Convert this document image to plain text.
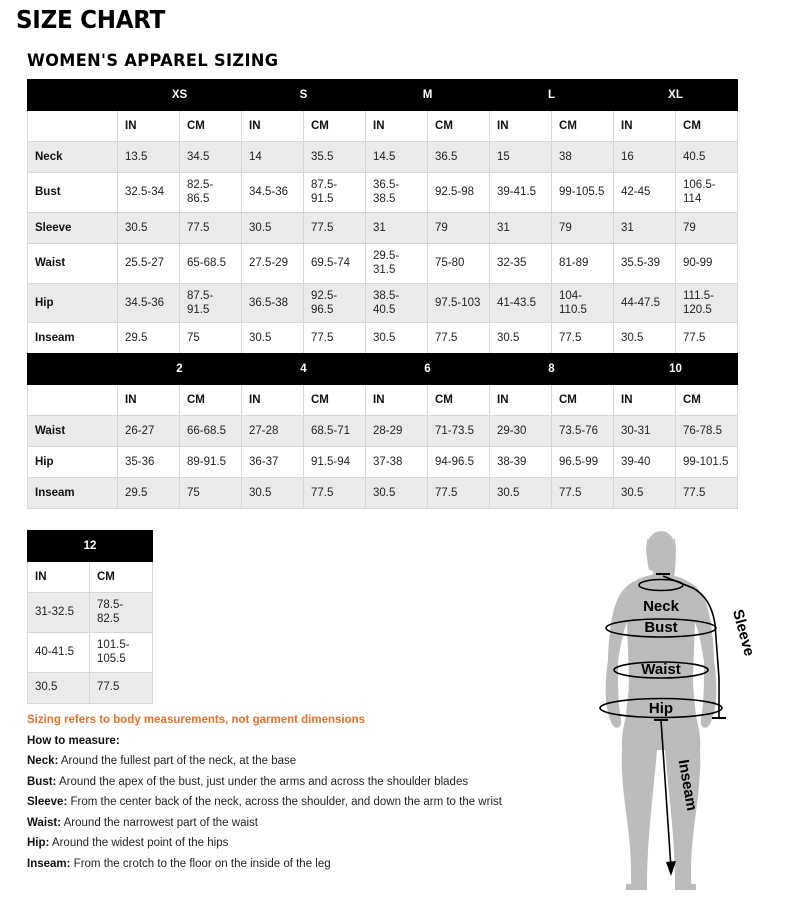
SIZE CHART
WOMEN'S APPAREL SIZING
	XS		S		M		L		XL	
	IN	CM	IN	CM	IN	CM	IN	CM	IN	CM
Neck	13.5	34.5	14	35.5	14.5	36.5	15	38	16	40.5
Bust	32.5-34	82.5-86.5	34.5-36	87.5-91.5	36.5-38.5	92.5-98	39-41.5	99-105.5	42-45	106.5-114
Sleeve	30.5	77.5	30.5	77.5	31	79	31	79	31	79
Waist	25.5-27	65-68.5	27.5-29	69.5-74	29.5-31.5	75-80	32-35	81-89	35.5-39	90-99
Hip	34.5-36	87.5-91.5	36.5-38	92.5-96.5	38.5-40.5	97.5-103	41-43.5	104-110.5	44-47.5	111.5-120.5
Inseam	29.5	75	30.5	77.5	30.5	77.5	30.5	77.5	30.5	77.5
	2		4		6		8		10	
	IN	CM	IN	CM	IN	CM	IN	CM	IN	CM
Waist	26-27	66-68.5	27-28	68.5-71	28-29	71-73.5	29-30	73.5-76	30-31	76-78.5
Hip	35-36	89-91.5	36-37	91.5-94	37-38	94-96.5	38-39	96.5-99	39-40	99-101.5
Inseam	29.5	75	30.5	77.5	30.5	77.5	30.5	77.5	30.5	77.5
12	
IN	CM
31-32.5	78.5-82.5
40-41.5	101.5-105.5
30.5	77.5
Sizing refers to body measurements, not garment dimensions
How to measure:
Neck: Around the fullest part of the neck, at the base
Bust: Around the apex of the bust, just under the arms and across the shoulder blades
Sleeve: From the center back of the neck, across the shoulder, and down the arm to the wrist
Waist: Around the narrowest part of the waist
Hip: Around the widest point of the hips
Inseam: From the crotch to the floor on the inside of the leg
Neck
Bust
Waist
Hip
Sleeve
Inseam
